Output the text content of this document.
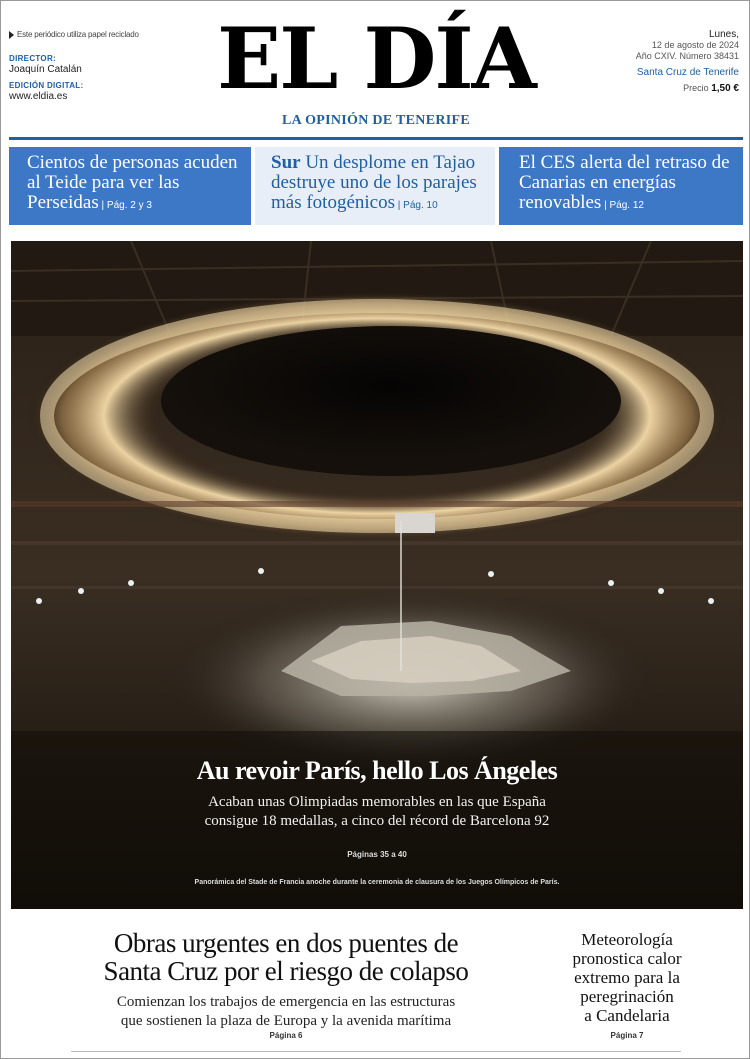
Este periódico utiliza papel reciclado
DIRECTOR:
Joaquín Catalán
EDICIÓN DIGITAL:
www.eldia.es	EL DÍA
LA OPINIÓN DE TENERIFE
Lunes,
12 de agosto de 2024
Año CXIV. Número 38431
Santa Cruz de Tenerife
Precio 1,50 €
Cientos de personas acuden al Teide para ver las Perseidas | Pág. 2 y 3
Sur Un desplome en Tajao destruye uno de los parajes más fotogénicos | Pág. 10
El CES alerta del retraso de Canarias en energías renovables | Pág. 12
Au revoir París, hello Los Ángeles
Acaban unas Olimpiadas memorables en las que España
consigue 18 medallas, a cinco del récord de Barcelona 92
Páginas 35 a 40
Panorámica del Stade de Francia anoche durante la ceremonia de clausura de los Juegos Olímpicos de París.
Obras urgentes en dos puentes de
Santa Cruz por el riesgo de colapso
Comienzan los trabajos de emergencia en las estructuras
que sostienen la plaza de Europa y la avenida marítima
Página 6
Meteorología
pronostica calor
extremo para la
peregrinación
a Candelaria
Página 7
